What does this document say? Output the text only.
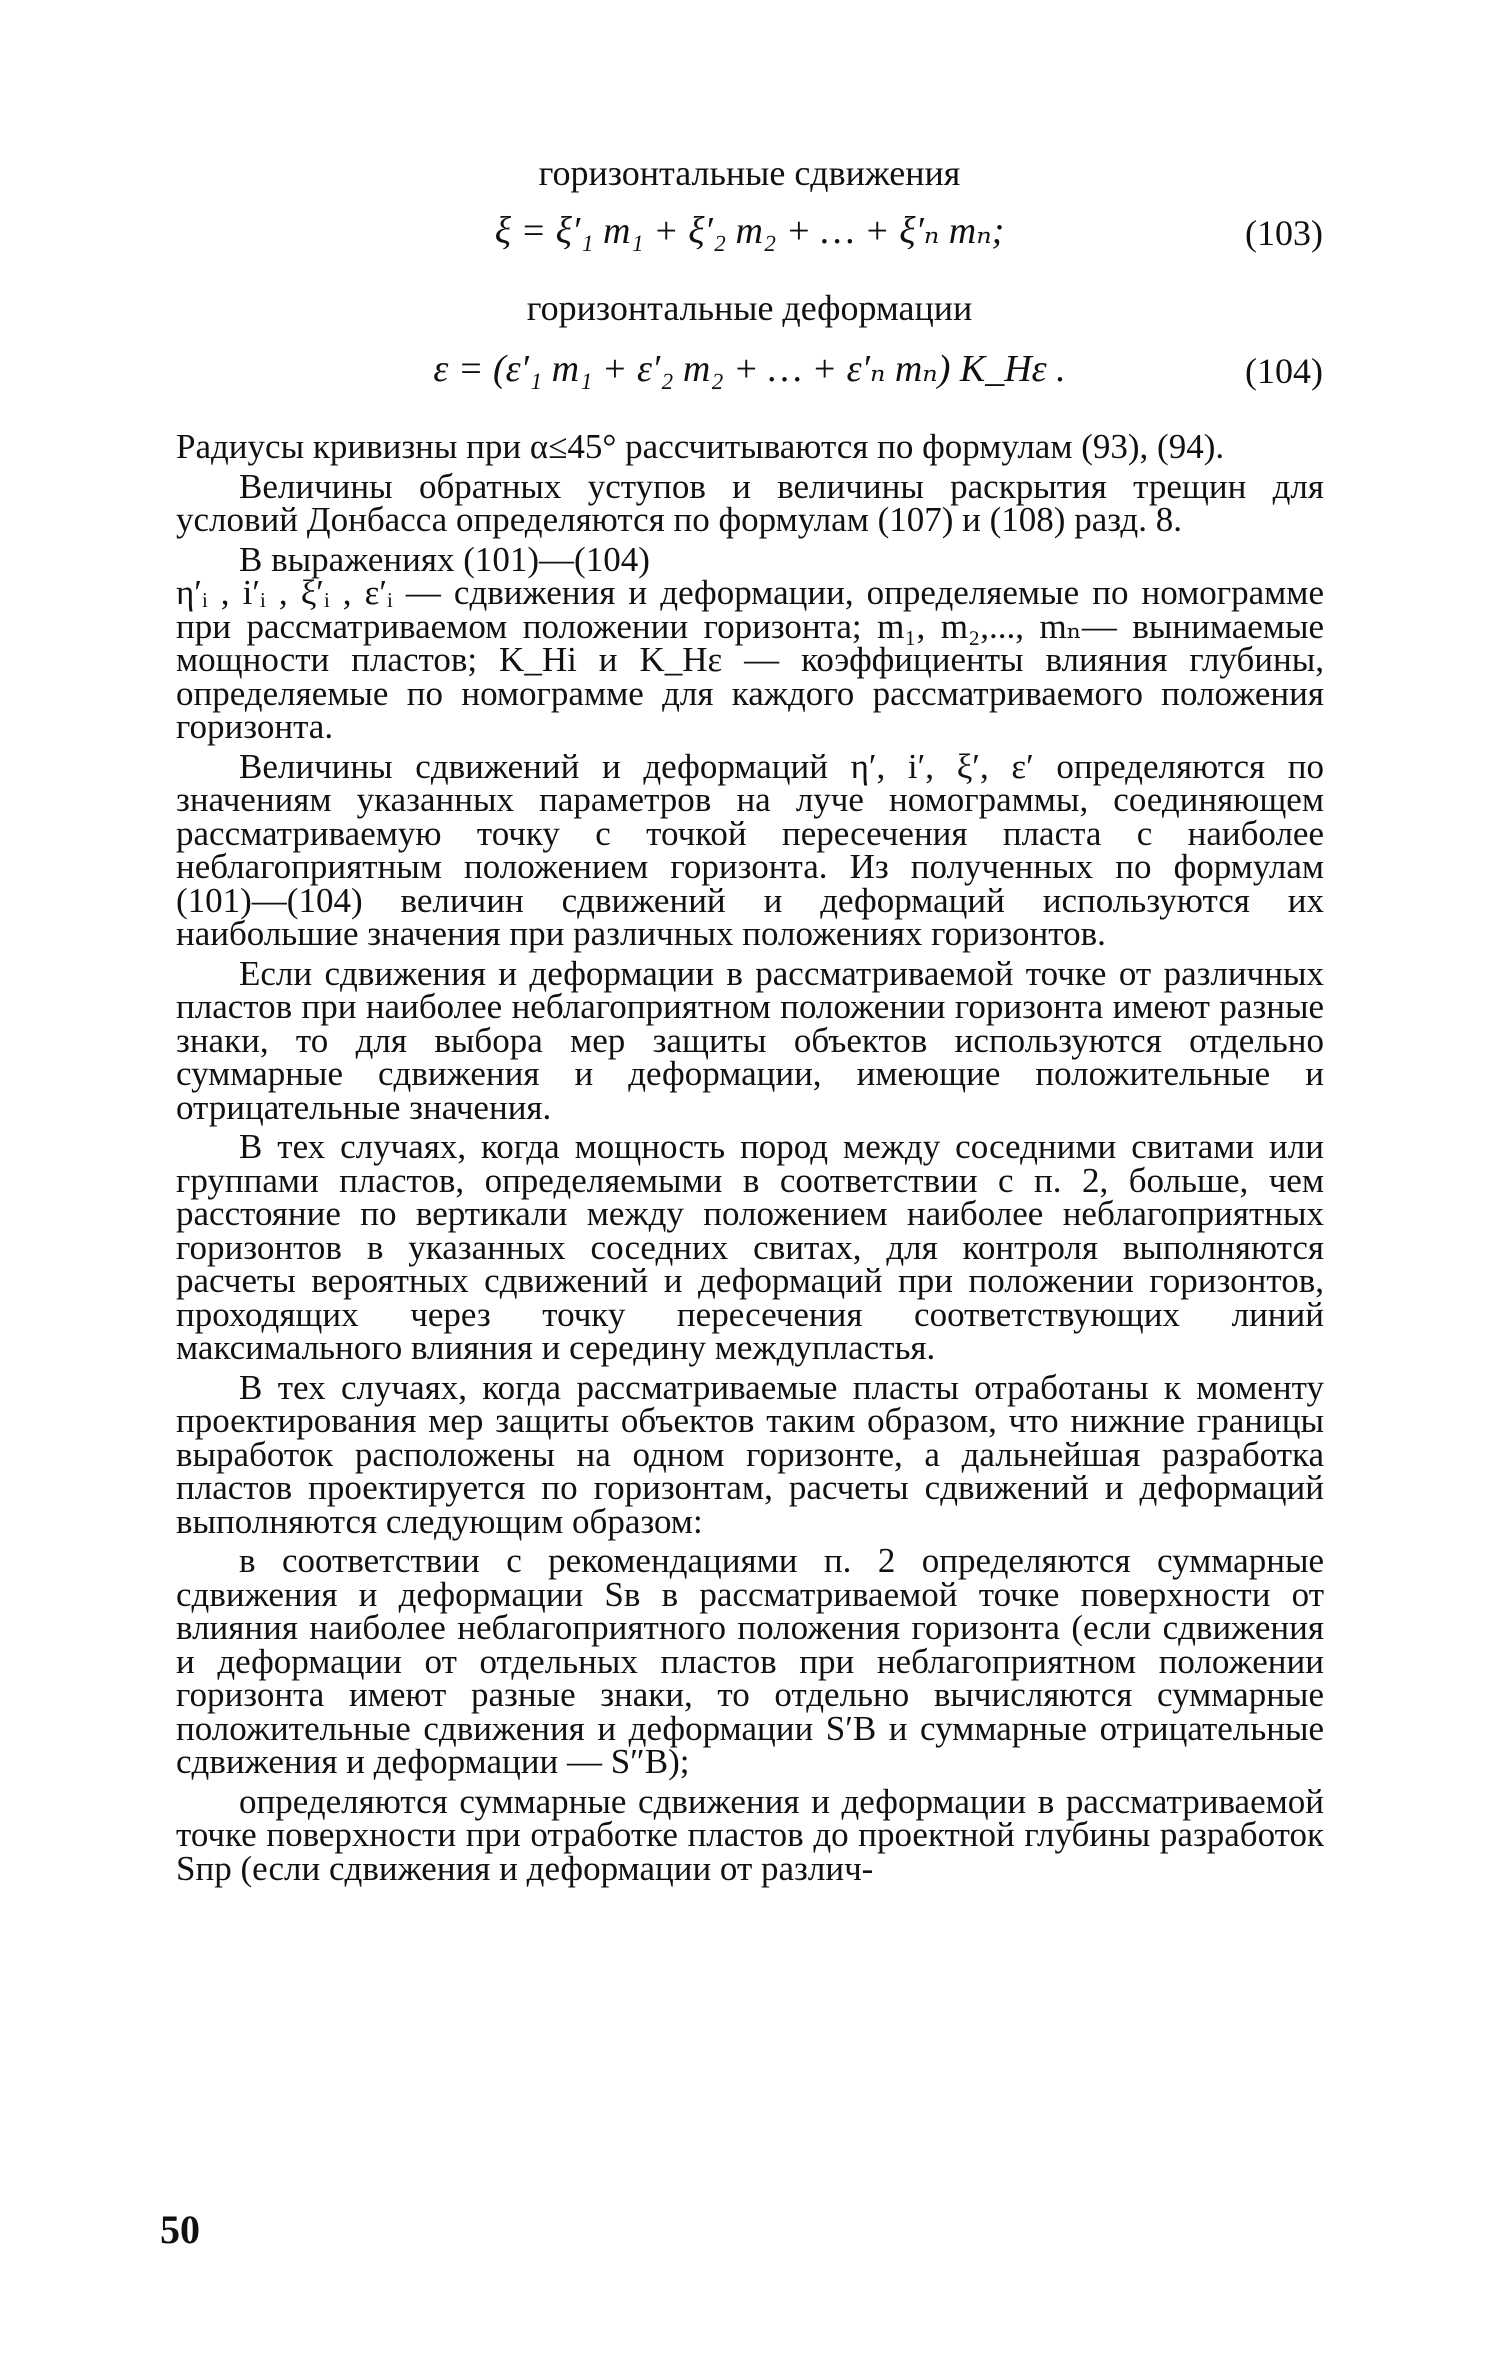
горизонтальные сдвижения
ξ = ξ′₁ m₁ + ξ′₂ m₂ + … + ξ′ₙ mₙ;	(103)
горизонтальные деформации
ε = (ε′₁ m₁ + ε′₂ m₂ + … + ε′ₙ mₙ) K_Hε .	(104)

Радиусы кривизны при α≤45° рассчитываются по формулам (93), (94).

Величины обратных уступов и величины раскрытия трещин для условий Донбасса определяются по формулам (107) и (108) разд. 8.

В выражениях (101)—(104)

η′ᵢ , i′ᵢ , ξ′ᵢ , ε′ᵢ — сдвижения и деформации, определяемые по номограмме при рассматриваемом положении горизонта; m₁, m₂,..., mₙ— вынимаемые мощности пластов; K_Hi и K_Hε — коэффициенты влияния глубины, определяемые по номограмме для каждого рассматриваемого положения горизонта.

Величины сдвижений и деформаций η′, i′, ξ′, ε′ определяются по значениям указанных параметров на луче номограммы, соединяющем рассматриваемую точку с точкой пересечения пласта с наиболее неблагоприятным положением горизонта. Из полученных по формулам (101)—(104) величин сдвижений и деформаций используются их наибольшие значения при различных положениях горизонтов.

Если сдвижения и деформации в рассматриваемой точке от различных пластов при наиболее неблагоприятном положении горизонта имеют разные знаки, то для выбора мер защиты объектов используются отдельно суммарные сдвижения и деформации, имеющие положительные и отрицательные значения.

В тех случаях, когда мощность пород между соседними свитами или группами пластов, определяемыми в соответствии с п. 2, больше, чем расстояние по вертикали между положением наиболее неблагоприятных горизонтов в указанных соседних свитах, для контроля выполняются расчеты вероятных сдвижений и деформаций при положении горизонтов, проходящих через точку пересечения соответствующих линий максимального влияния и середину междупластья.

В тех случаях, когда рассматриваемые пласты отработаны к моменту проектирования мер защиты объектов таким образом, что нижние границы выработок расположены на одном горизонте, а дальнейшая разработка пластов проектируется по горизонтам, расчеты сдвижений и деформаций выполняются следующим образом:

в соответствии с рекомендациями п. 2 определяются суммарные сдвижения и деформации Sв в рассматриваемой точке поверхности от влияния наиболее неблагоприятного положения горизонта (если сдвижения и деформации от отдельных пластов при неблагоприятном положении горизонта имеют разные знаки, то отдельно вычисляются суммарные положительные сдвижения и деформации S′B и суммарные отрицательные сдвижения и деформации — S″B);

определяются суммарные сдвижения и деформации в рассматриваемой точке поверхности при отработке пластов до проектной глубины разработок Sпр (если сдвижения и деформации от различ-

50
